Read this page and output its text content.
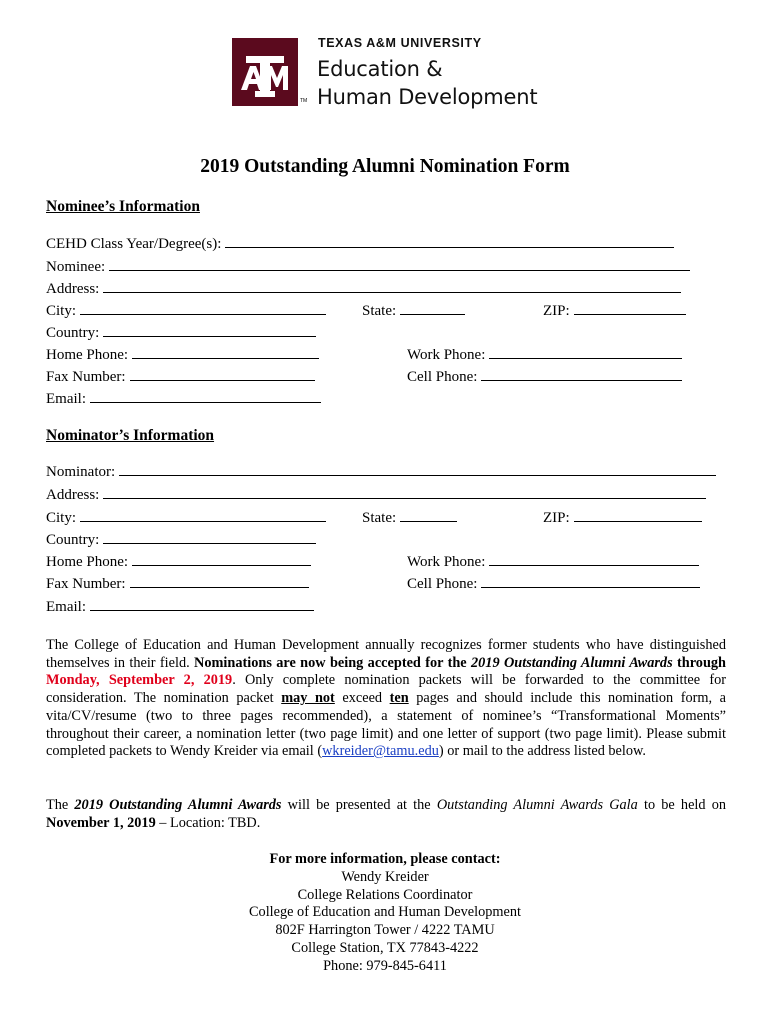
TM
TEXAS A&M UNIVERSITY
Education &
Human Development
2019 Outstanding Alumni Nomination Form
Nominee’s Information
CEHD Class Year/Degree(s):
Nominee:
Address:
City:	State:	ZIP:
Country:
Home Phone:	Work Phone:
Fax Number:	Cell Phone:
Email:
Nominator’s Information
Nominator:
Address:
City:	State:	ZIP:
Country:
Home Phone:	Work Phone:
Fax Number:	Cell Phone:
Email:
The College of Education and Human Development annually recognizes former students who have distinguished themselves in their field. Nominations are now being accepted for the 2019 Outstanding Alumni Awards through Monday, September 2, 2019. Only complete nomination packets will be forwarded to the committee for consideration. The nomination packet may not exceed ten pages and should include this nomination form, a vita/CV/resume (two to three pages recommended), a statement of nominee’s “Transformational Moments” throughout their career, a nomination letter (two page limit) and one letter of support (two page limit). Please submit completed packets to Wendy Kreider via email (wkreider@tamu.edu) or mail to the address listed below.
The 2019 Outstanding Alumni Awards will be presented at the Outstanding Alumni Awards Gala to be held on November 1, 2019 – Location: TBD.
For more information, please contact:
Wendy Kreider
College Relations Coordinator
College of Education and Human Development
802F Harrington Tower / 4222 TAMU
College Station, TX 77843-4222
Phone: 979-845-6411
